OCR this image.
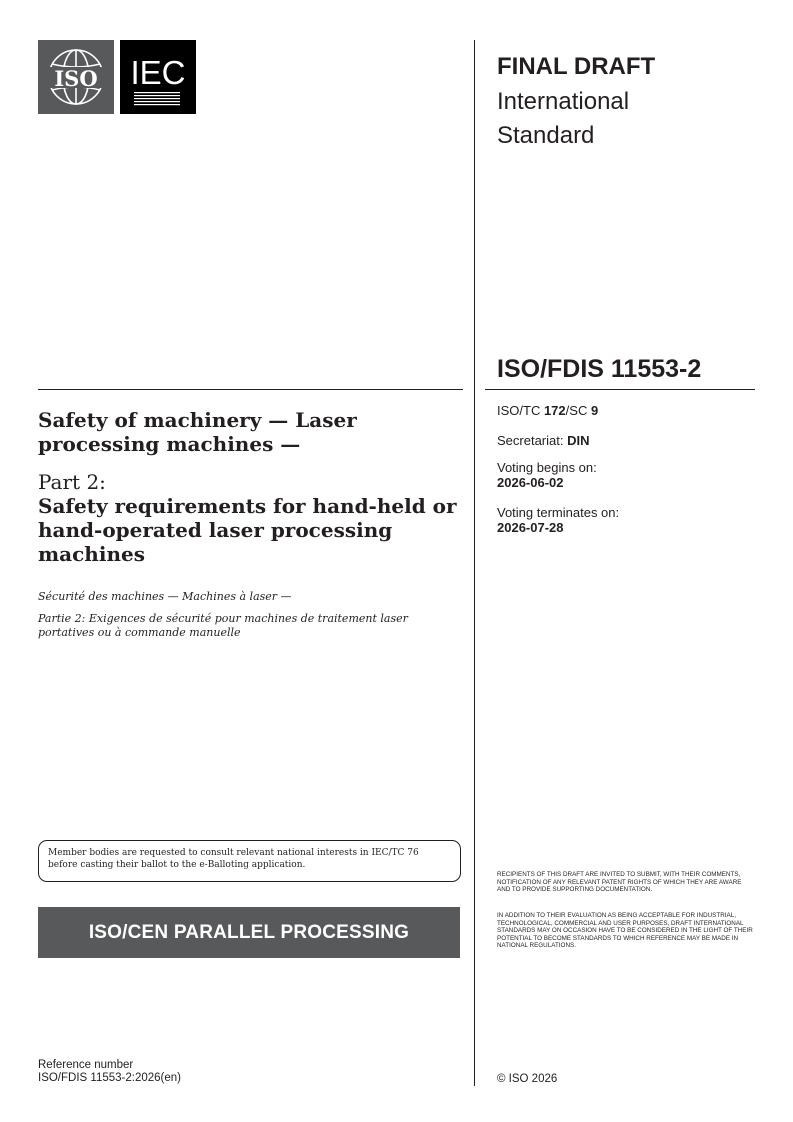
ISO IEC	FINAL DRAFT
International
Standard
ISO/FDIS 11553-2
ISO/TC 172/SC 9
Secretariat: DIN
Voting begins on:
2026-06-02
Voting terminates on:
2026-07-28
Safety of machinery — Laser processing machines —
Part 2:
Safety requirements for hand-held or hand-operated laser processing machines
Sécurité des machines — Machines à laser —
Partie 2: Exigences de sécurité pour machines de traitement laser portatives ou à commande manuelle
Member bodies are requested to consult relevant national interests in IEC/TC 76 before casting their ballot to the e-Balloting application.
ISO/CEN PARALLEL PROCESSING
RECIPIENTS OF THIS DRAFT ARE INVITED TO SUBMIT, WITH THEIR COMMENTS, NOTIFICATION OF ANY RELEVANT PATENT RIGHTS OF WHICH THEY ARE AWARE AND TO PROVIDE SUPPORTING DOCUMENTATION.
IN ADDITION TO THEIR EVALUATION AS BEING ACCEPTABLE FOR INDUSTRIAL, TECHNOLOGICAL, COMMERCIAL AND USER PURPOSES, DRAFT INTERNATIONAL STANDARDS MAY ON OCCASION HAVE TO BE CONSIDERED IN THE LIGHT OF THEIR POTENTIAL TO BECOME STANDARDS TO WHICH REFERENCE MAY BE MADE IN NATIONAL REGULATIONS.
Reference number
ISO/FDIS 11553-2:2026(en)	© ISO 2026
